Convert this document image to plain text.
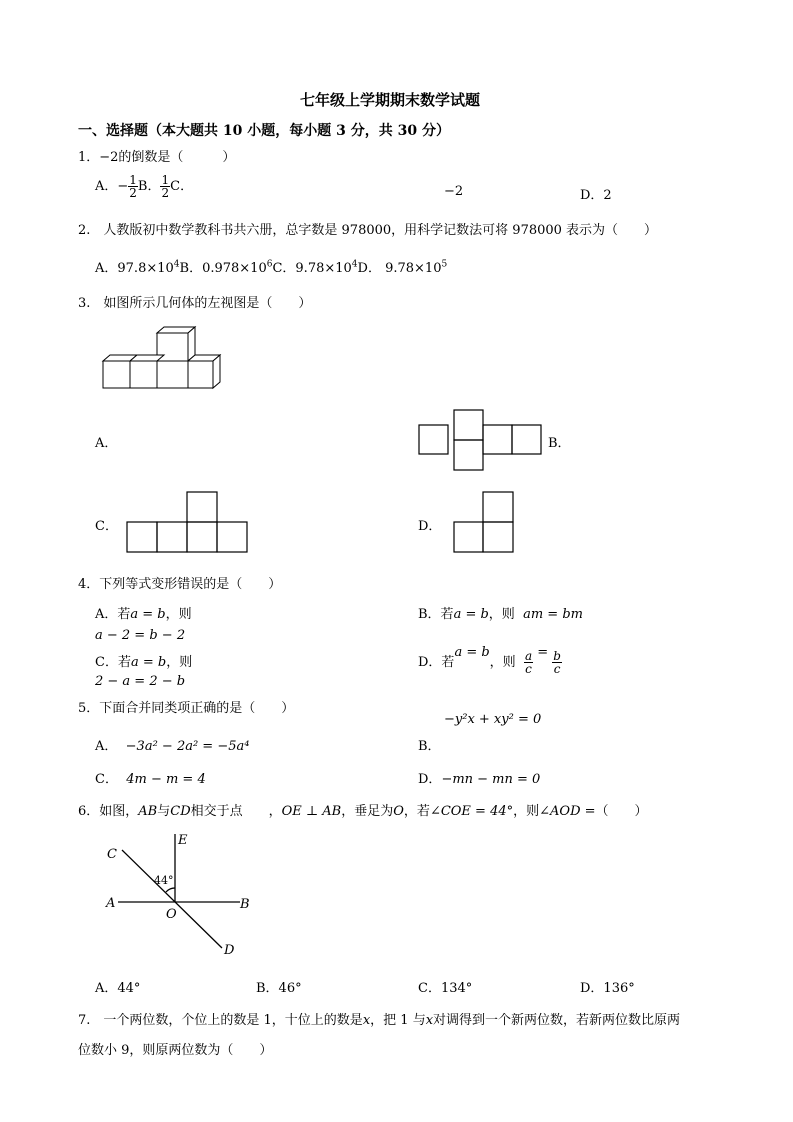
七年级上学期期末数学试题
一、选择题（本大题共 10 小题，每小题 3 分，共 30 分）
1．−2的倒数是（　　　）
A．− $\frac{1}{2}$ B． $\frac{1}{2}$ C．	−2	D．2
2.　人教版初中数学教科书共六册，总字数是 978000，用科学记数法可将 978000 表示为（　　）
A．$97.8\times 10^4B$．$0.978\times 10^6C$．$9.78\times 10^4D$． $9.78\times 10^5$
3.　如图所示几何体的左视图是（　　）
A．	B．
C．	D．
4．下列等式变形错误的是（　　）
A．若a = b，则
a − 2 = b − 2
B．若a = b，则 am = bm
C．若a = b，则
2 − a = 2 − b
D．若a = b，则 $\frac{a}{c} = \frac{b}{c}$
5．下面合并同类项正确的是（　　）
−y²x + xy² = 0
A． −3a² − 2a² = −5a⁴	B．
C． 4m − m = 4	D．−mn − mn = 0
6．如图，AB与CD相交于点　　，OE ⊥ AB，垂足为O，若∠COE = 44°，则∠AOD =（　　）
C
E
A
O
B
D
44°
A．44°	B．46°	C．134°	D．136°
7.　一个两位数，个位上的数是 1，十位上的数是x，把 1 与x对调得到一个新两位数，若新两位数比原两
位数小 9，则原两位数为（　　）
